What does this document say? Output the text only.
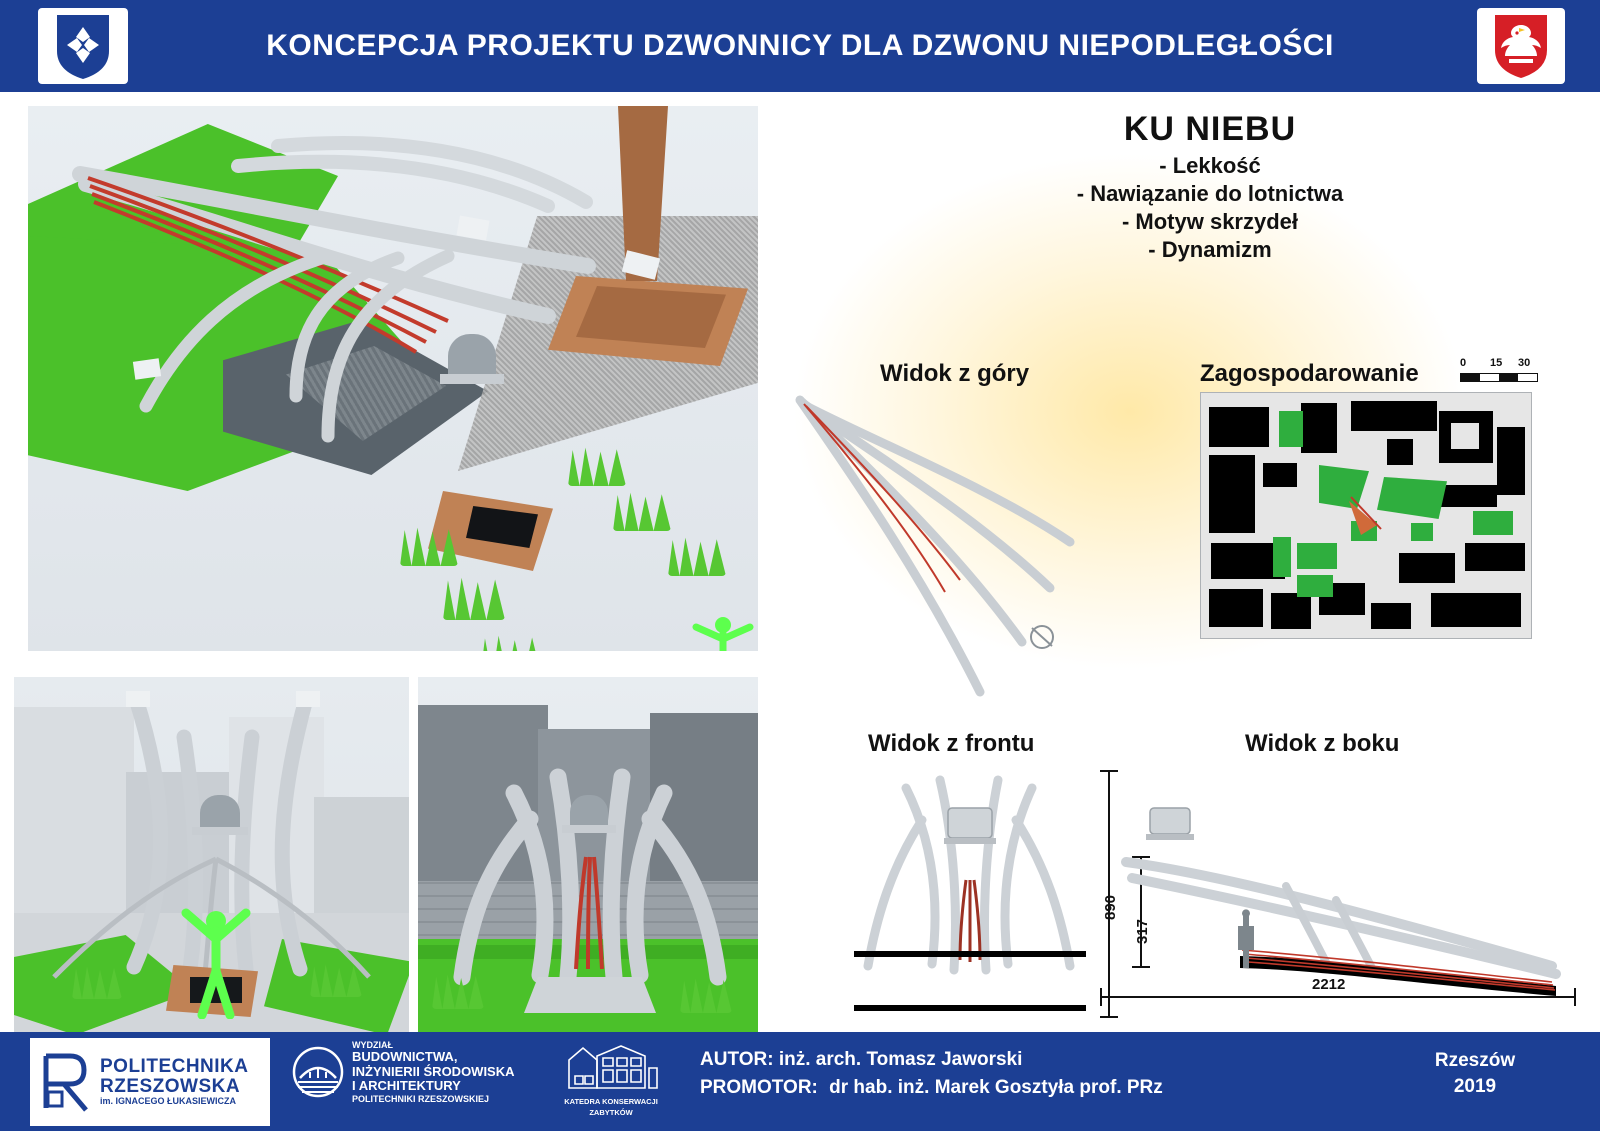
KONCEPCJA PROJEKTU DZWONNICY DLA DZWONU NIEPODLEGŁOŚCI
KU NIEBU

- Lekkość

- Nawiązanie do lotnictwa

- Motyw skrzydeł

- Dynamizm

Widok z góry	Zagospodarowanie
Widok z frontu	Widok z boku
0 15 30
890
317
2212
POLITECHNIKA
RZESZOWSKA
im. IGNACEGO ŁUKASIEWICZA
WYDZIAŁ
BUDOWNICTWA,
INŻYNIERII ŚRODOWISKA
I ARCHITEKTURY
POLITECHNIKI RZESZOWSKIEJ	KATEDRA KONSERWACJI
ZABYTKÓW
AUTOR: inż. arch. Tomasz Jaworski
PROMOTOR: dr hab. inż. Marek Gosztyła prof. PRz
Rzeszów
2019
